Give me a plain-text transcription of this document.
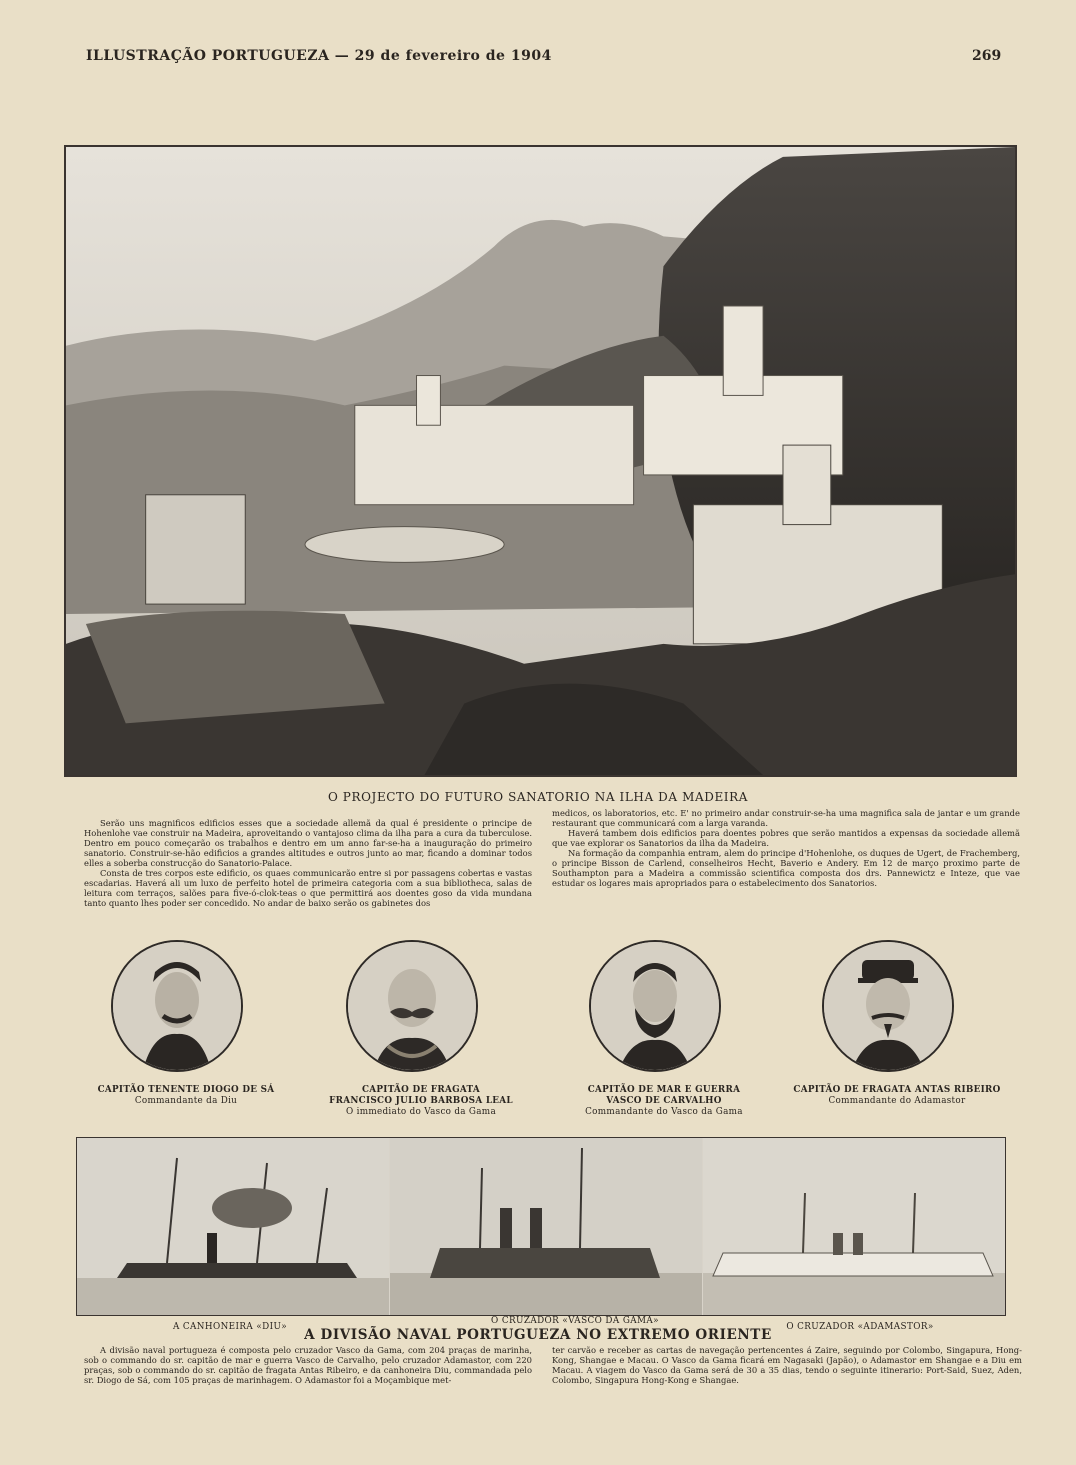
ILLUSTRAÇÃO PORTUGUEZA — 29 de fevereiro de 1904	269
O PROJECTO DO FUTURO SANATORIO NA ILHA DA MADEIRA

Serão uns magnificos edificios esses que a sociedade allemã da qual é presidente o principe de Hohenlohe vae construir na Madeira, aproveitando o vantajoso clima da ilha para a cura da tuberculose. Dentro em pouco começarão os trabalhos e dentro em um anno far-se-ha a inauguração do primeiro sanatorio. Construir-se-hão edificios a grandes altitudes e outros junto ao mar, ficando a dominar todos elles a soberba construcção do Sanatorio-Palace.

Consta de tres corpos este edificio, os quaes communicarão entre si por passagens cobertas e vastas escadarias. Haverá ali um luxo de perfeito hotel de primeira categoria com a sua bibliotheca, salas de leitura com terraços, salões para five-ó-clok-teas o que permittirá aos doentes goso da vida mundana tanto quanto lhes poder ser concedido. No andar de baixo serão os gabinetes dos

medicos, os laboratorios, etc. E' no primeiro andar construir-se-ha uma magnifica sala de jantar e um grande restaurant que communicará com a larga varanda.

Haverá tambem dois edificios para doentes pobres que serão mantidos a expensas da sociedade allemã que vae explorar os Sanatorios da ilha da Madeira.

Na formação da companhia entram, alem do principe d'Hohenlohe, os duques de Ugert, de Frachemberg, o principe Bisson de Carlend, conselheiros Hecht, Baverio e Andery. Em 12 de março proximo parte de Southampton para a Madeira a commissão scientifica composta dos drs. Pannewictz e Inteze, que vae estudar os logares mais apropriados para o estabelecimento dos Sanatorios.

CAPITÃO TENENTE DIOGO DE SÁ
Commandante da Diu
CAPITÃO DE FRAGATA
FRANCISCO JULIO BARBOSA LEAL
O immediato do Vasco da Gama
CAPITÃO DE MAR E GUERRA
VASCO DE CARVALHO
Commandante do Vasco da Gama
CAPITÃO DE FRAGATA ANTAS RIBEIRO
Commandante do Adamastor
A CANHONEIRA «DIU»
O CRUZADOR «VASCO DA GAMA»
O CRUZADOR «ADAMASTOR»
A DIVISÃO NAVAL PORTUGUEZA NO EXTREMO ORIENTE

A divisão naval portugueza é composta pelo cruzador Vasco da Gama, com 204 praças de marinha, sob o commando do sr. capitão de mar e guerra Vasco de Carvalho, pelo cruzador Adamastor, com 220 praças, sob o commando do sr. capitão de fragata Antas Ribeiro, e da canhoneira Diu, commandada pelo sr. Diogo de Sá, com 105 praças de marinhagem. O Adamastor foi a Moçambique met-

ter carvão e receber as cartas de navegação pertencentes á Zaire, seguindo por Colombo, Singapura, Hong-Kong, Shangae e Macau. O Vasco da Gama ficará em Nagasaki (Japão), o Adamastor em Shangae e a Diu em Macau. A viagem do Vasco da Gama será de 30 a 35 dias, tendo o seguinte itinerario: Port-Said, Suez, Aden, Colombo, Singapura Hong-Kong e Shangae.
